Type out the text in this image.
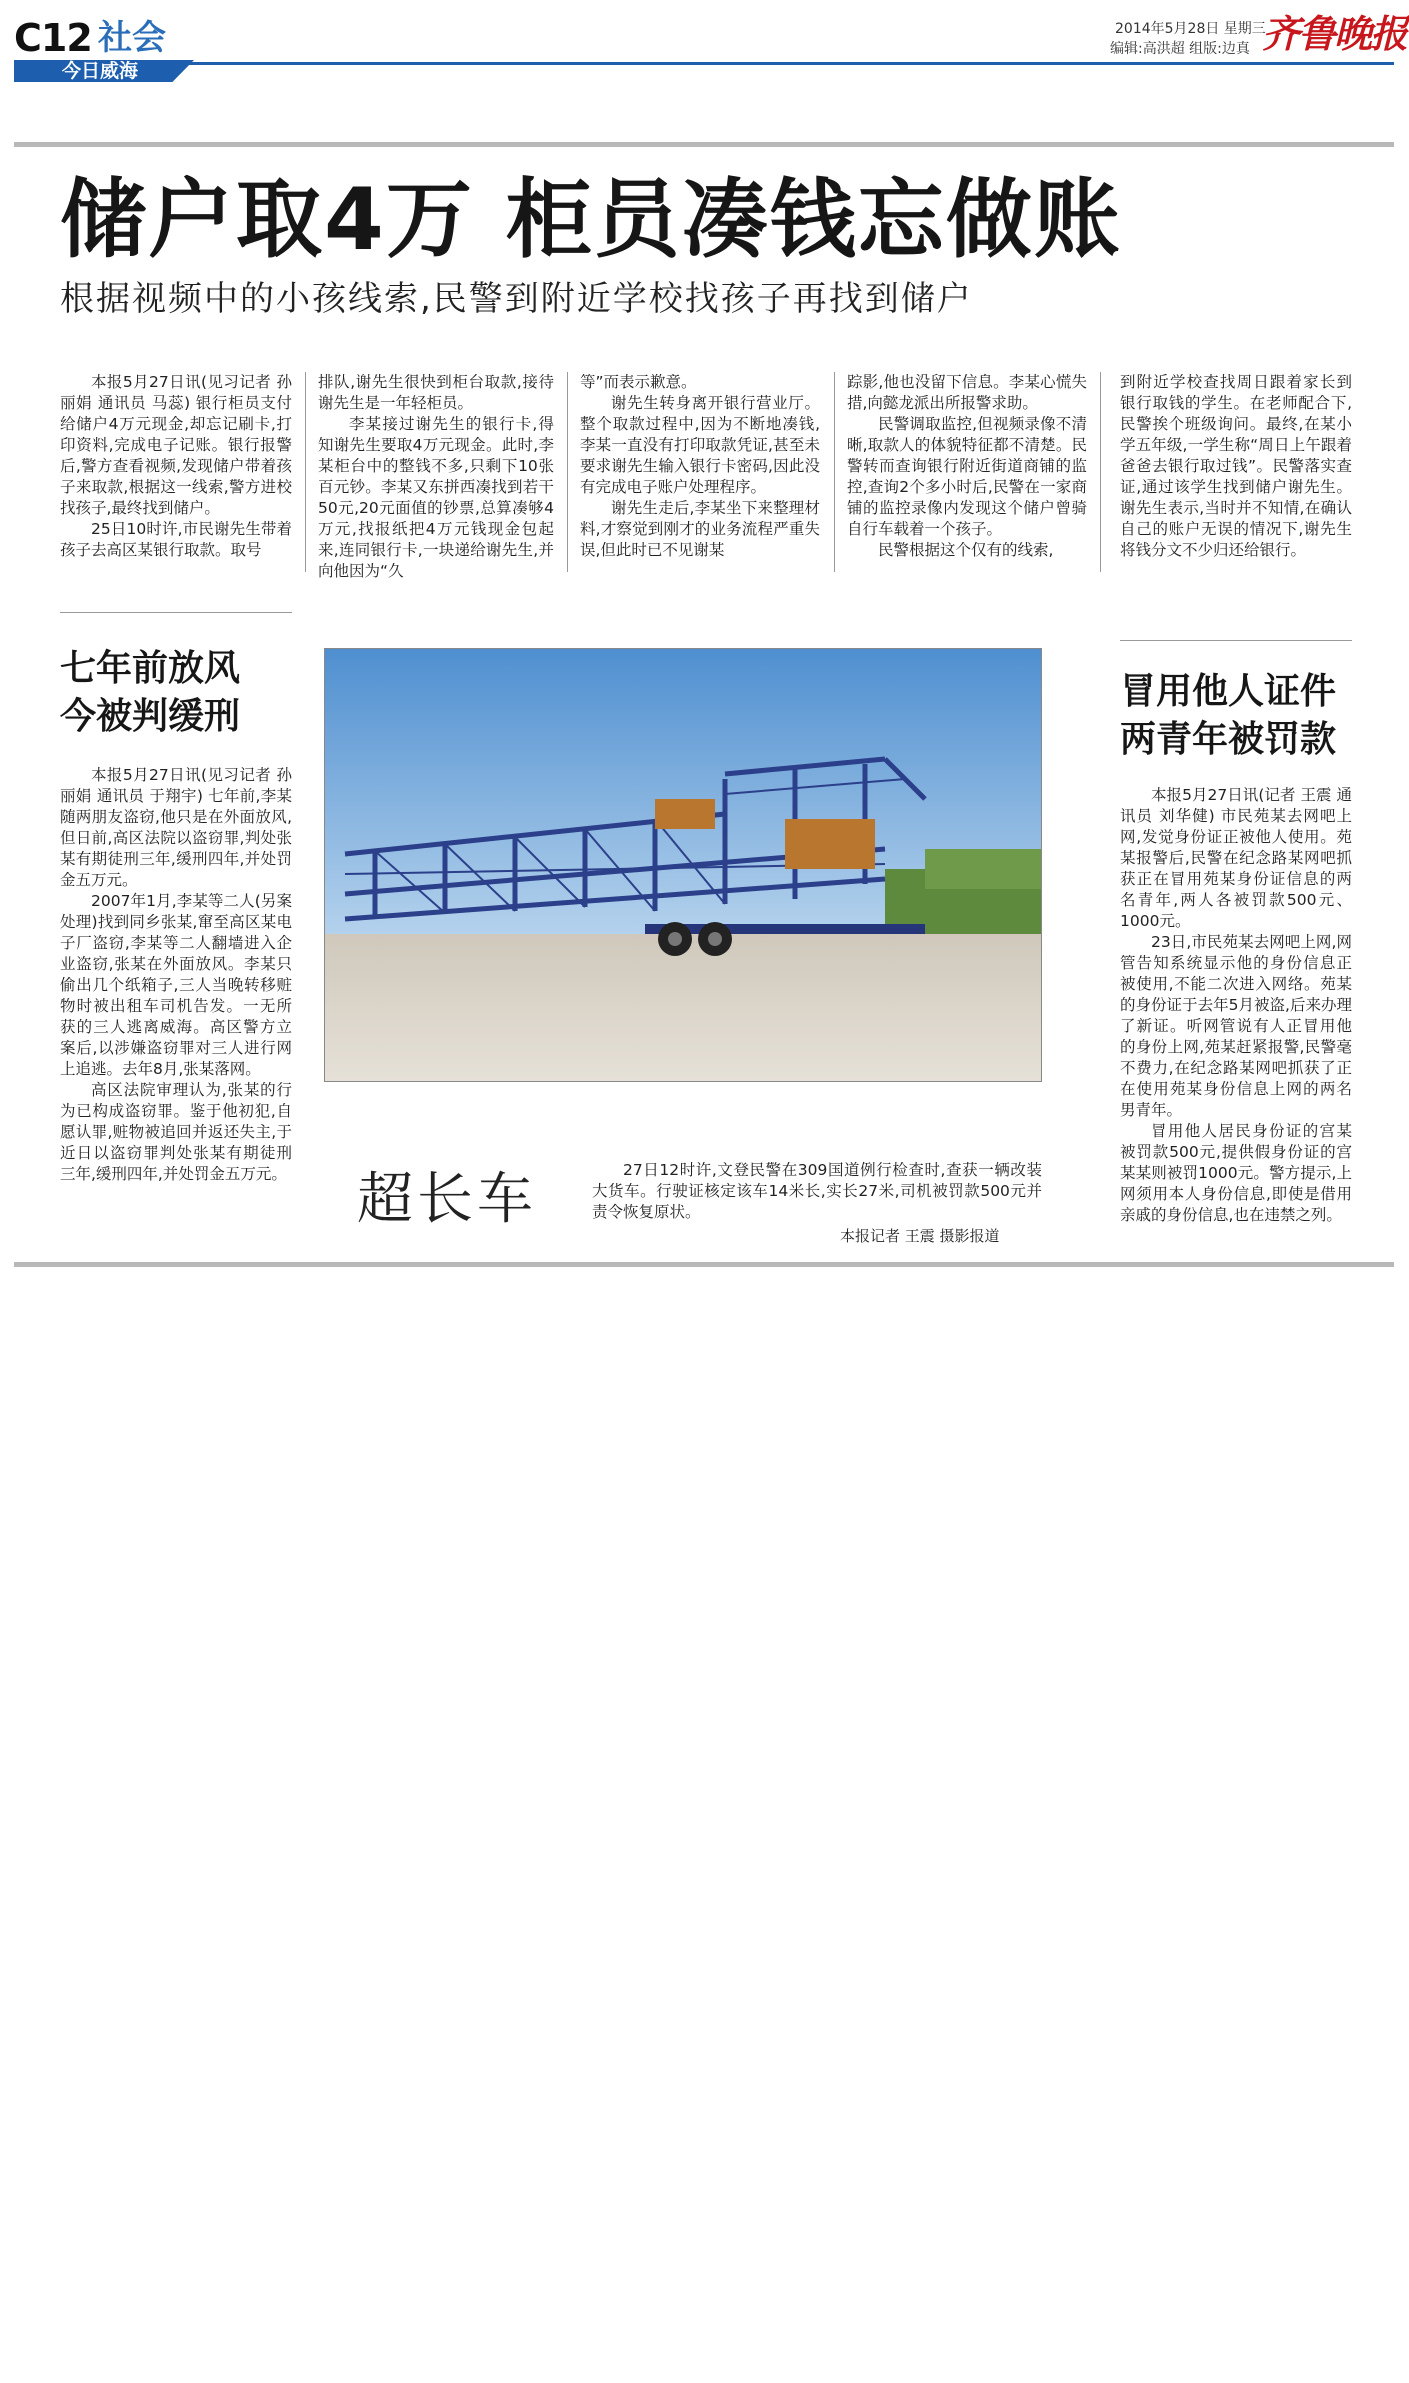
C12 社会
今日威海
2014年5月28日 星期三
编辑:高洪超 组版:边真 齐鲁晚报
储户取4万 柜员凑钱忘做账
根据视频中的小孩线索,民警到附近学校找孩子再找到储户

本报5月27日讯(见习记者 孙丽娟 通讯员 马蕊) 银行柜员支付给储户4万元现金,却忘记刷卡,打印资料,完成电子记账。银行报警后,警方查看视频,发现储户带着孩子来取款,根据这一线索,警方进校找孩子,最终找到储户。

25日10时许,市民谢先生带着孩子去高区某银行取款。取号

排队,谢先生很快到柜台取款,接待谢先生是一年轻柜员。

李某接过谢先生的银行卡,得知谢先生要取4万元现金。此时,李某柜台中的整钱不多,只剩下10张百元钞。李某又东拼西凑找到若干50元,20元面值的钞票,总算凑够4万元,找报纸把4万元钱现金包起来,连同银行卡,一块递给谢先生,并向他因为“久

等”而表示歉意。

谢先生转身离开银行营业厅。整个取款过程中,因为不断地凑钱,李某一直没有打印取款凭证,甚至未要求谢先生输入银行卡密码,因此没有完成电子账户处理程序。

谢先生走后,李某坐下来整理材料,才察觉到刚才的业务流程严重失误,但此时已不见谢某

踪影,他也没留下信息。李某心慌失措,向懿龙派出所报警求助。

民警调取监控,但视频录像不清晰,取款人的体貌特征都不清楚。民警转而查询银行附近街道商铺的监控,查询2个多小时后,民警在一家商铺的监控录像内发现这个储户曾骑自行车载着一个孩子。

民警根据这个仅有的线索,

到附近学校查找周日跟着家长到银行取钱的学生。在老师配合下,民警挨个班级询问。最终,在某小学五年级,一学生称“周日上午跟着爸爸去银行取过钱”。民警落实查证,通过该学生找到储户谢先生。谢先生表示,当时并不知情,在确认自己的账户无误的情况下,谢先生将钱分文不少归还给银行。

七年前放风
今被判缓刑

本报5月27日讯(见习记者 孙丽娟 通讯员 于翔宇) 七年前,李某随两朋友盗窃,他只是在外面放风,但日前,高区法院以盗窃罪,判处张某有期徒刑三年,缓刑四年,并处罚金五万元。

2007年1月,李某等二人(另案处理)找到同乡张某,窜至高区某电子厂盗窃,李某等二人翻墙进入企业盗窃,张某在外面放风。李某只偷出几个纸箱子,三人当晚转移赃物时被出租车司机告发。一无所获的三人逃离威海。高区警方立案后,以涉嫌盗窃罪对三人进行网上追逃。去年8月,张某落网。

高区法院审理认为,张某的行为已构成盗窃罪。鉴于他初犯,自愿认罪,赃物被追回并返还失主,于近日以盗窃罪判处张某有期徒刑三年,缓刑四年,并处罚金五万元。 超长车	27日12时许,文登民警在309国道例行检查时,查获一辆改装大货车。行驶证核定该车14米长,实长27米,司机被罚款500元并责令恢复原状。

本报记者 王震 摄影报道
冒用他人证件
两青年被罚款

本报5月27日讯(记者 王震 通讯员 刘华健) 市民苑某去网吧上网,发觉身份证正被他人使用。苑某报警后,民警在纪念路某网吧抓获正在冒用苑某身份证信息的两名青年,两人各被罚款500元、1000元。

23日,市民苑某去网吧上网,网管告知系统显示他的身份信息正被使用,不能二次进入网络。苑某的身份证于去年5月被盗,后来办理了新证。听网管说有人正冒用他的身份上网,苑某赶紧报警,民警毫不费力,在纪念路某网吧抓获了正在使用苑某身份信息上网的两名男青年。

冒用他人居民身份证的宫某被罚款500元,提供假身份证的宫某某则被罚1000元。警方提示,上网须用本人身份信息,即使是借用亲戚的身份信息,也在违禁之列。
